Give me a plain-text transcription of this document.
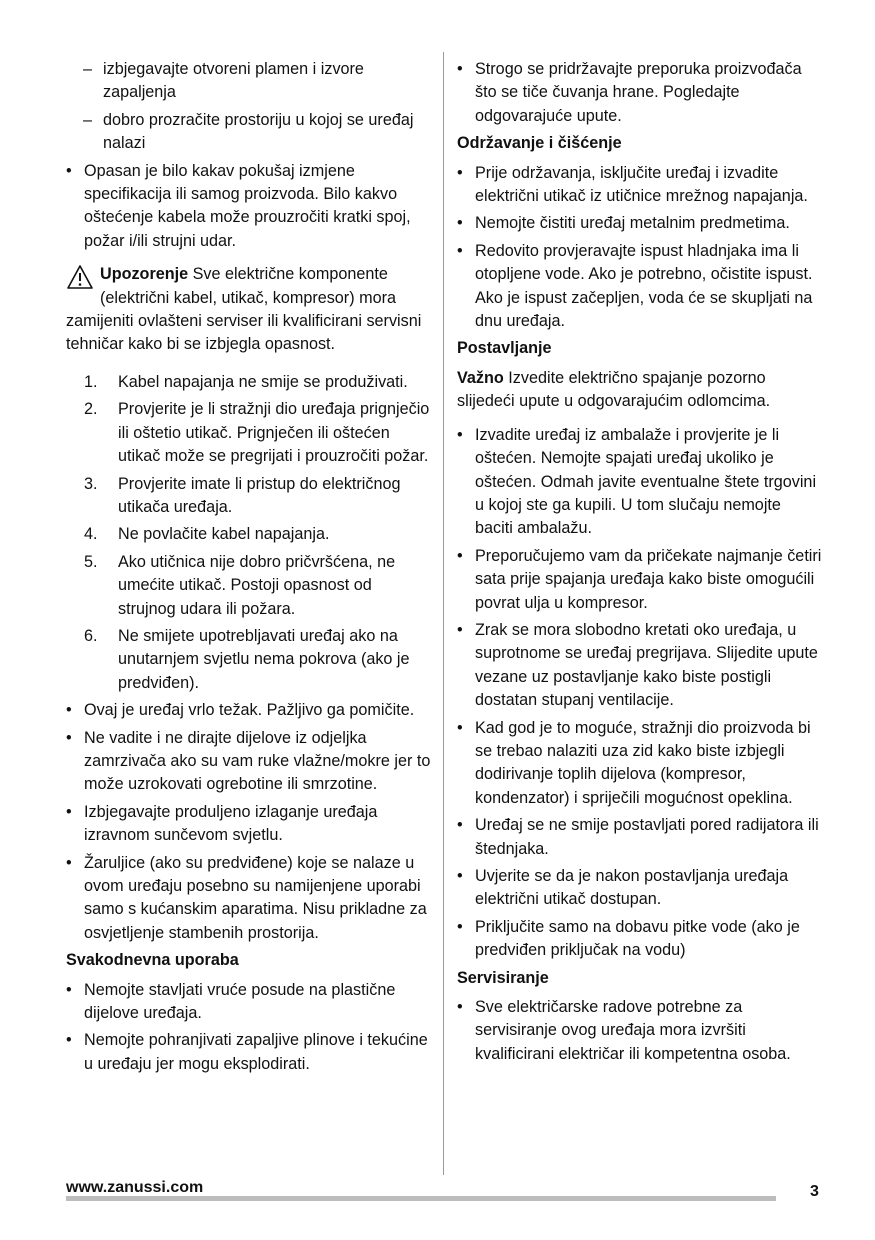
– izbjegavajte otvoreni plamen i izvore zapaljenja
– dobro prozračite prostoriju u kojoj se uređaj nalazi
• Opasan je bilo kakav pokušaj izmjene specifikacija ili samog proizvoda. Bilo kakvo oštećenje kabela može prouzročiti kratki spoj, požar i/ili strujni udar.
Upozorenje Sve električne komponente (električni kabel, utikač, kompresor) mora zamijeniti ovlašteni serviser ili kvalificirani servisni tehničar kako bi se izbjegla opasnost.
1. Kabel napajanja ne smije se produživati.
2. Provjerite je li stražnji dio uređaja prignječio ili oštetio utikač. Prignječen ili oštećen utikač može se pregrijati i prouzročiti požar.
3. Provjerite imate li pristup do električnog utikača uređaja.
4. Ne povlačite kabel napajanja.
5. Ako utičnica nije dobro pričvršćena, ne umećite utikač. Postoji opasnost od strujnog udara ili požara.
6. Ne smijete upotrebljavati uređaj ako na unutarnjem svjetlu nema pokrova (ako je predviđen).
• Ovaj je uređaj vrlo težak. Pažljivo ga pomičite.
• Ne vadite i ne dirajte dijelove iz odjeljka zamrzivača ako su vam ruke vlažne/mokre jer to može uzrokovati ogrebotine ili smrzotine.
• Izbjegavajte produljeno izlaganje uređaja izravnom sunčevom svjetlu.
• Žaruljice (ako su predviđene) koje se nalaze u ovom uređaju posebno su namijenjene uporabi samo s kućanskim aparatima. Nisu prikladne za osvjetljenje stambenih prostorija.
Svakodnevna uporaba
• Nemojte stavljati vruće posude na plastične dijelove uređaja.
• Nemojte pohranjivati zapaljive plinove i tekućine u uređaju jer mogu eksplodirati.
• Strogo se pridržavajte preporuka proizvođača što se tiče čuvanja hrane. Pogledajte odgovarajuće upute.
Održavanje i čišćenje
• Prije održavanja, isključite uređaj i izvadite električni utikač iz utičnice mrežnog napajanja.
• Nemojte čistiti uređaj metalnim predmetima.
• Redovito provjeravajte ispust hladnjaka ima li otopljene vode. Ako je potrebno, očistite ispust. Ako je ispust začepljen, voda će se skupljati na dnu uređaja.
Postavljanje
Važno Izvedite električno spajanje pozorno slijedeći upute u odgovarajućim odlomcima.
• Izvadite uređaj iz ambalaže i provjerite je li oštećen. Nemojte spajati uređaj ukoliko je oštećen. Odmah javite eventualne štete trgovini u kojoj ste ga kupili. U tom slučaju nemojte baciti ambalažu.
• Preporučujemo vam da pričekate najmanje četiri sata prije spajanja uređaja kako biste omogućili povrat ulja u kompresor.
• Zrak se mora slobodno kretati oko uređaja, u suprotnome se uređaj pregrijava. Slijedite upute vezane uz postavljanje kako biste postigli dostatan stupanj ventilacije.
• Kad god je to moguće, stražnji dio proizvoda bi se trebao nalaziti uza zid kako biste izbjegli dodirivanje toplih dijelova (kompresor, kondenzator) i spriječili mogućnost opeklina.
• Uređaj se ne smije postavljati pored radijatora ili štednjaka.
• Uvjerite se da je nakon postavljanja uređaja električni utikač dostupan.
• Priključite samo na dobavu pitke vode (ako je predviđen priključak na vodu)
Servisiranje
• Sve električarske radove potrebne za servisiranje ovog uređaja mora izvršiti kvalificirani električar ili kompetentna osoba.
www.zanussi.com	3
